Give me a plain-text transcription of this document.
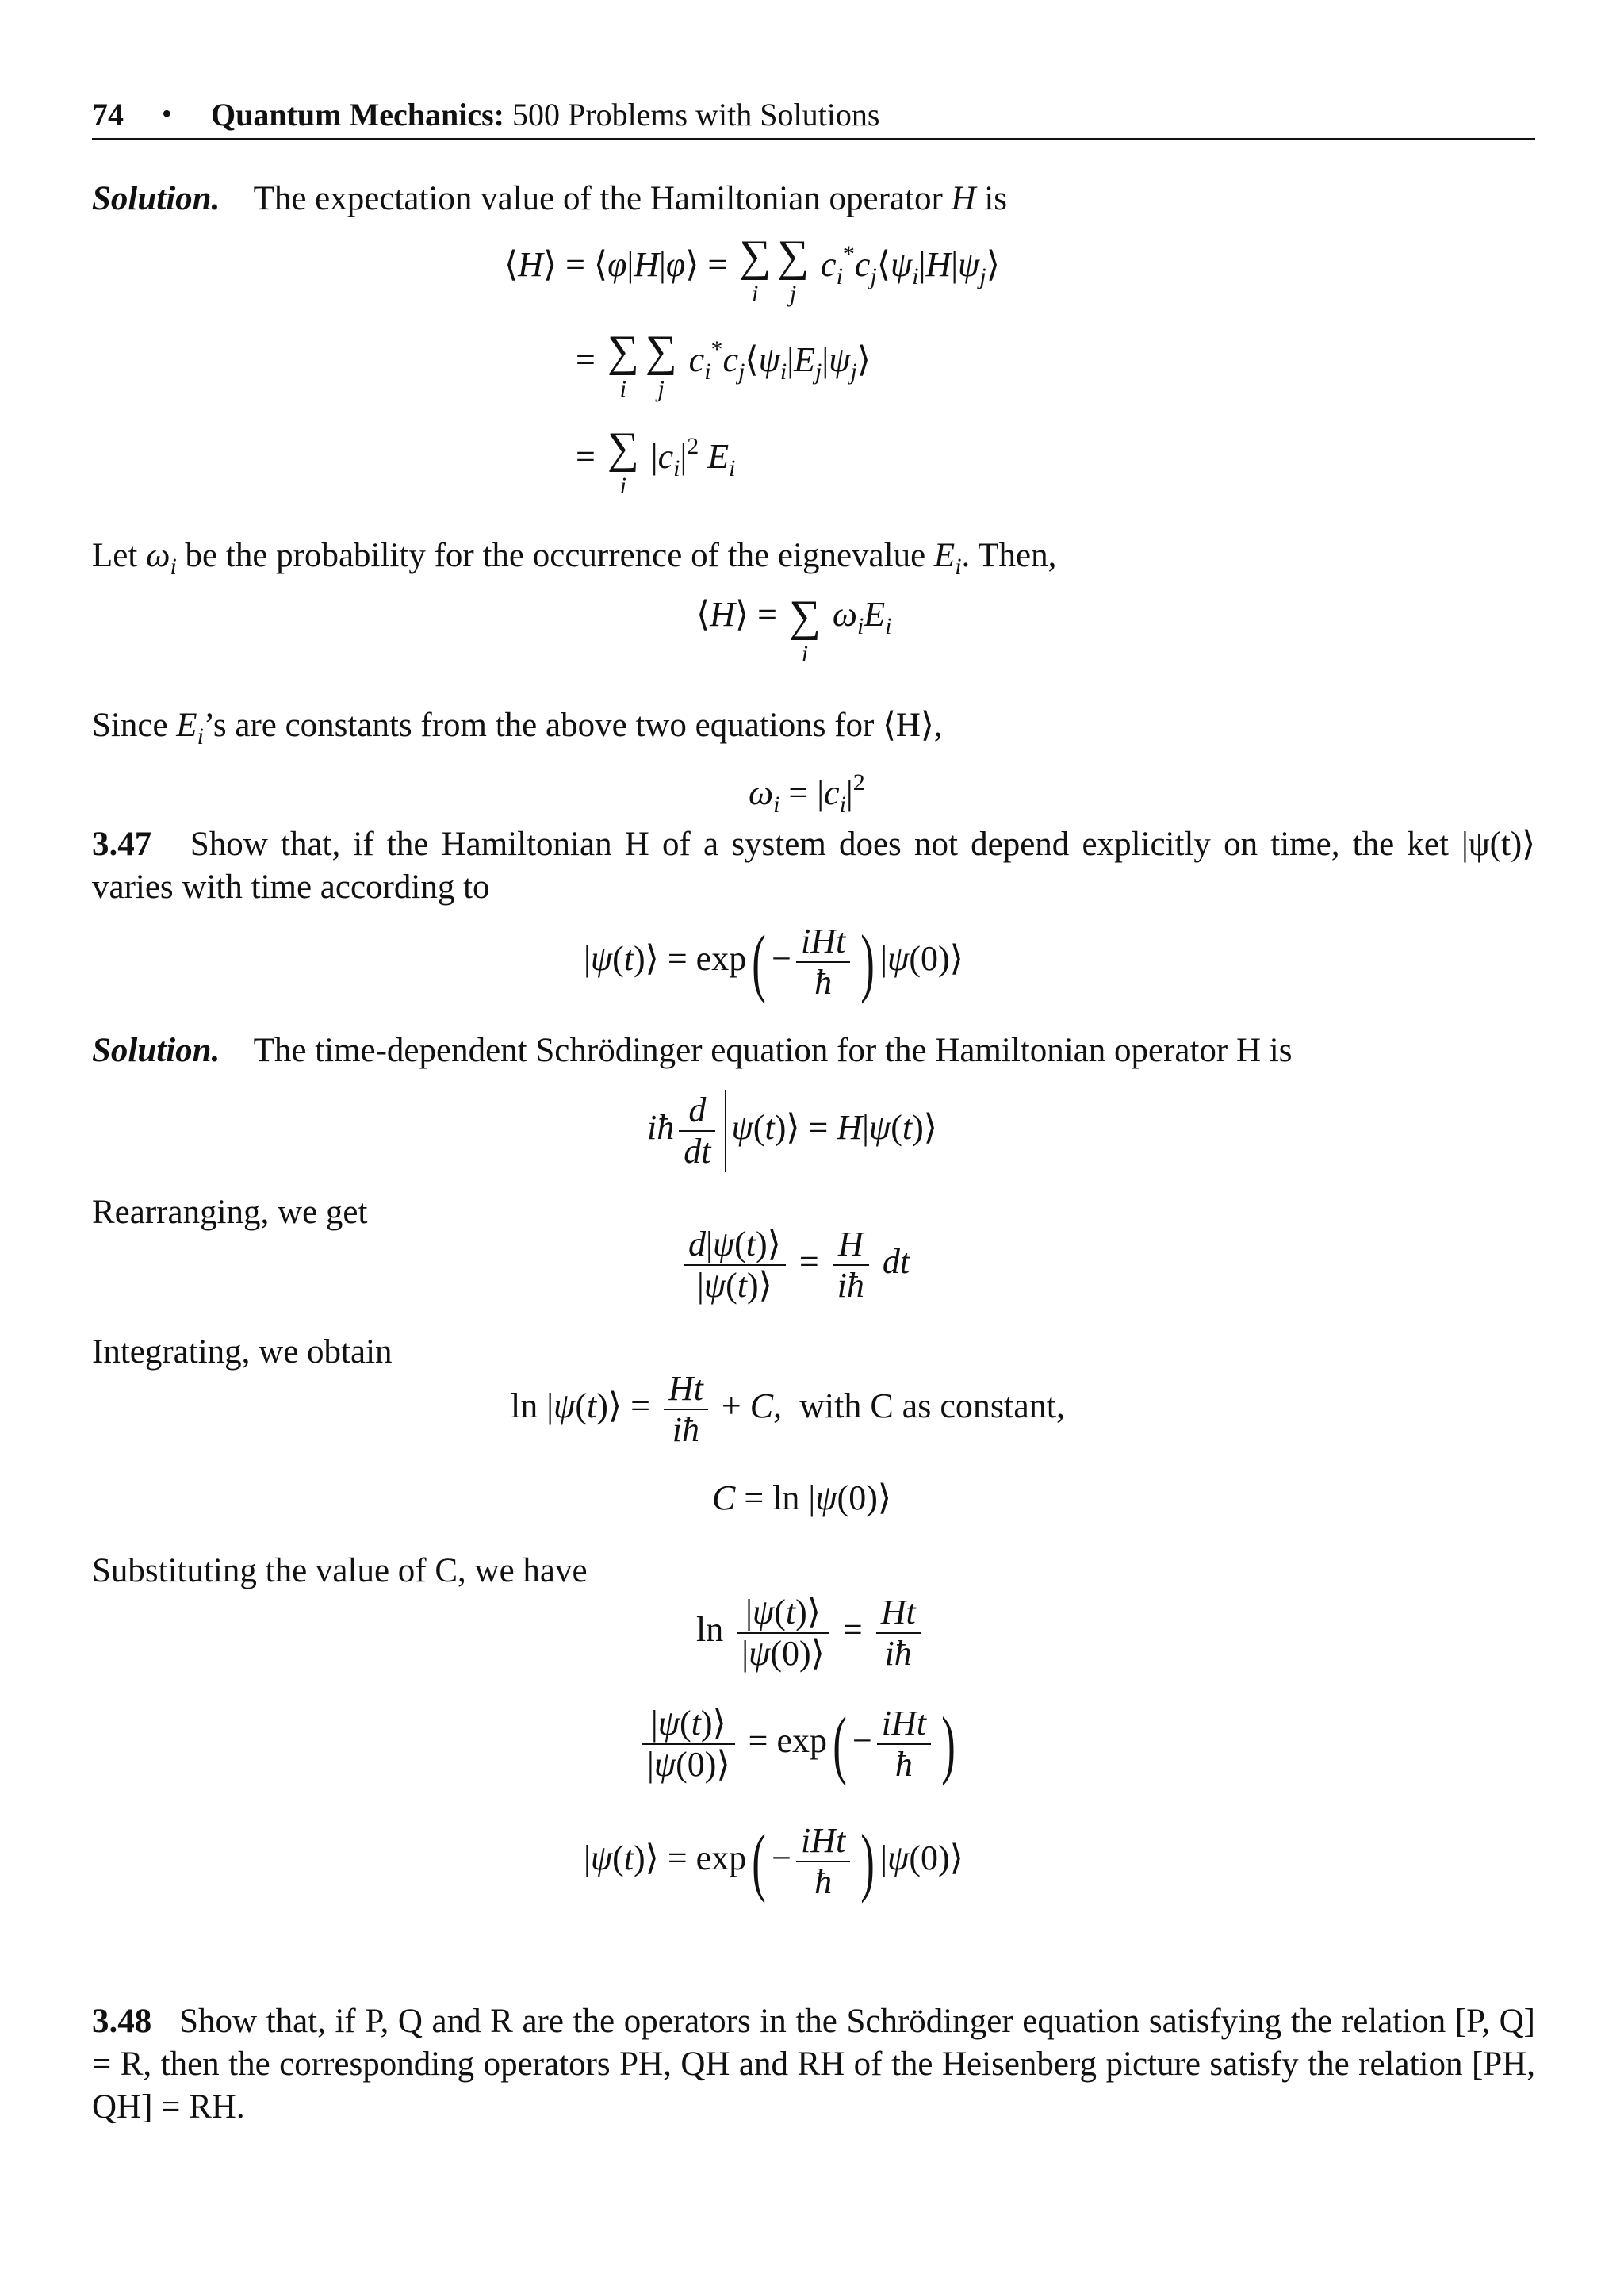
74 • Quantum Mechanics: 500 Problems with Solutions
Solution. The expectation value of the Hamiltonian operator H is
⟨H⟩ = ⟨φ|H|φ⟩ = ∑
i
∑
j
$c_i^*c_j⟨\psi_i|H|\psi_j⟩$
= ∑
i
∑
j
$c_i^*c_j⟨\psi_i|E_j|\psi_j⟩$
= ∑
i
$|c_i|^2$ $E_i$
Let $\omega_i$ be the probability for the occurrence of the eignevalue $E_i$. Then,
⟨H⟩ = ∑
i
$\omega_iE_i$
Since $E_i’s$ are constants from the above two equations for ⟨H⟩,
$\omega_i = |c_i|^2$
3.47 Show that, if the Hamiltonian H of a system does not depend explicitly on time, the ket |ψ(t)⟩ varies with time according to
|ψ(t)⟩ = $\exp( - \frac{\text{iHt}}{ħ}$ ) |ψ(0)⟩
Solution. The time-dependent Schrödinger equation for the Hamiltonian operator H is
iħ $\frac{d}{dt}$ ψ(t)⟩ = H|ψ(t)⟩
Rearranging, we get
$\frac{d|\psi(t)⟩}{|\psi(t)⟩} = \frac{H}{iħ}$ dt
Integrating, we obtain
ln |ψ(t)⟩ = $\frac{Ht}{iħ} + C$,  with C as constant,
C = ln |ψ(0)⟩
Substituting the value of C, we have
$\ln \frac{|\psi(t)⟩}{|\psi(0)⟩} = \frac{Ht}{iħ}$
$\frac{|\psi(t)⟩}{|\psi(0)⟩} = \exp( - \frac{\text{iHt}}{ħ}$ )
|ψ(t)⟩ = $\exp( - \frac{\text{iHt}}{ħ}$ ) |ψ(0)⟩
3.48 Show that, if P, Q and R are the operators in the Schrödinger equation satisfying the relation [P, Q] = R, then the corresponding operators PH, QH and RH of the Heisenberg picture satisfy the relation [PH, QH] = RH.
